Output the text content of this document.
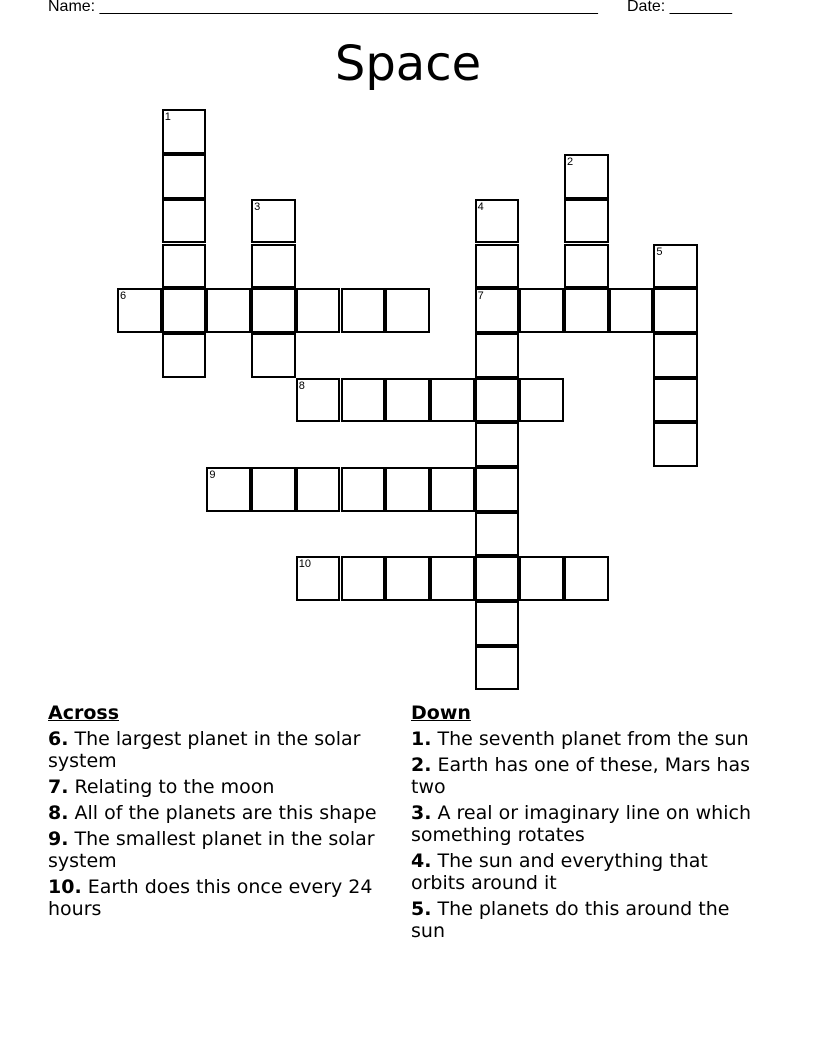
Name: ________________________________________________________ Date: _______
Space
1
2
3	4
7
5
6
8
9
10
Across
6. The largest planet in the solar system
7. Relating to the moon
8. All of the planets are this shape
9. The smallest planet in the solar system
10. Earth does this once every 24 hours
Down
1. The seventh planet from the sun
2. Earth has one of these, Mars has two
3. A real or imaginary line on which something rotates
4. The sun and everything that orbits around it
5. The planets do this around the sun
